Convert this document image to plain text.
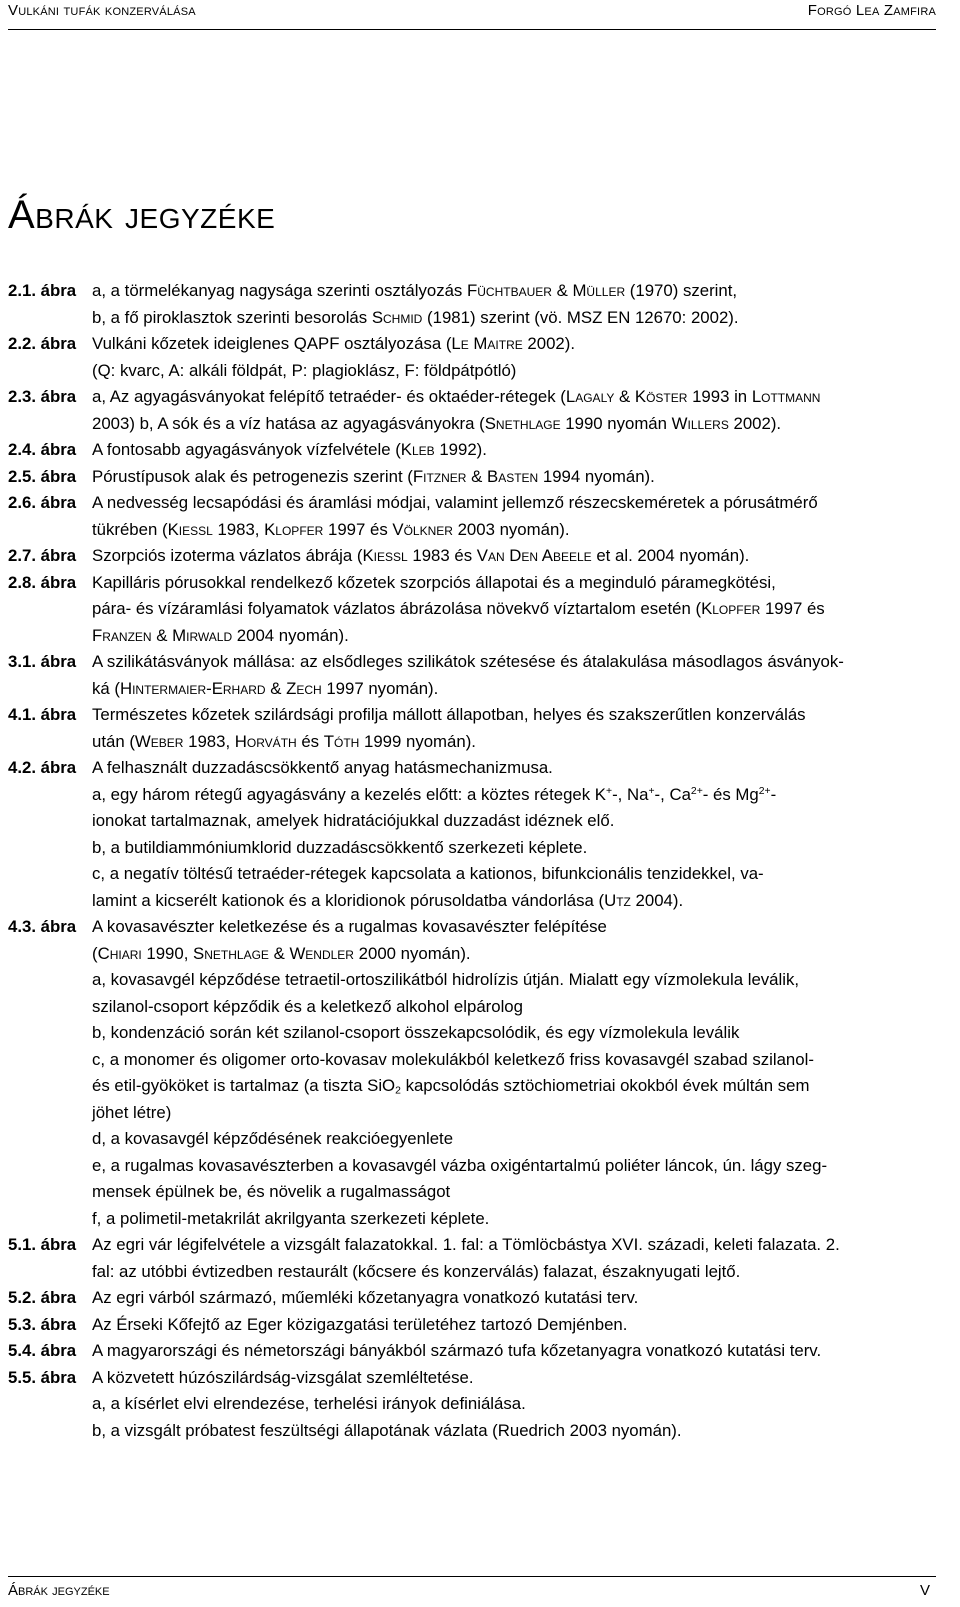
Vulkáni tufák konzerválása	Forgó Lea Zamfira
Ábrák jegyzéke
2.1. ábra a, a törmelékanyag nagysága szerinti osztályozás Füchtbauer & Müller (1970) szerint,
b, a fő piroklasztok szerinti besorolás Schmid (1981) szerint (vö. MSZ EN 12670: 2002).
2.2. ábra Vulkáni kőzetek ideiglenes QAPF osztályozása (Le Maitre 2002).
(Q: kvarc, A: alkáli földpát, P: plagioklász, F: földpátpótló)
2.3. ábra a, Az agyagásványokat felépítő tetraéder- és oktaéder-rétegek (Lagaly & Köster 1993 in Lottmann
2003) b, A sók és a víz hatása az agyagásványokra (Snethlage 1990 nyomán Willers 2002).
2.4. ábra A fontosabb agyagásványok vízfelvétele (Kleb 1992).
2.5. ábra Pórustípusok alak és petrogenezis szerint (Fitzner & Basten 1994 nyomán).
2.6. ábra A nedvesség lecsapódási és áramlási módjai, valamint jellemző részecskeméretek a pórusátmérő
tükrében (Kießl 1983, Klopfer 1997 és Völkner 2003 nyomán).
2.7. ábra Szorpciós izoterma vázlatos ábrája (Kießl 1983 és Van Den Abeele et al. 2004 nyomán).
2.8. ábra Kapilláris pórusokkal rendelkező kőzetek szorpciós állapotai és a meginduló páramegkötési,
pára- és vízáramlási folyamatok vázlatos ábrázolása növekvő víztartalom esetén (Klopfer 1997 és
Franzen & Mirwald 2004 nyomán).
3.1. ábra A szilikátásványok mállása: az elsődleges szilikátok szétesése és átalakulása másodlagos ásványok-
ká (Hintermaier-Erhard & Zech 1997 nyomán).
4.1. ábra Természetes kőzetek szilárdsági profilja mállott állapotban, helyes és szakszerűtlen konzerválás
után (Weber 1983, Horváth és Tóth 1999 nyomán).
4.2. ábra A felhasznált duzzadáscsökkentő anyag hatásmechanizmusa.
a, egy három rétegű agyagásvány a kezelés előtt: a köztes rétegek K+-, Na+-, $Ca^{2+}-$ és $Mg^{2+}-$
ionokat tartalmaznak, amelyek hidratációjukkal duzzadást idéznek elő.
b, a butildiammóniumklorid duzzadáscsökkentő szerkezeti képlete.
c, a negatív töltésű tetraéder-rétegek kapcsolata a kationos, bifunkcionális tenzidekkel, va-
lamint a kicserélt kationok és a kloridionok pórusoldatba vándorlása (Utz 2004).
4.3. ábra A kovasavészter keletkezése és a rugalmas kovasavészter felépítése
(Chiari 1990, Snethlage & Wendler 2000 nyomán).
a, kovasavgél képződése tetraetil-ortoszilikátból hidrolízis útján. Mialatt egy vízmolekula leválik,
szilanol-csoport képződik és a keletkező alkohol elpárolog
b, kondenzáció során két szilanol-csoport összekapcsolódik, és egy vízmolekula leválik
c, a monomer és oligomer orto-kovasav molekulákból keletkező friss kovasavgél szabad szilanol-
és etil-gyököket is tartalmaz (a tiszta SiO$_2$ kapcsolódás sztöchiometriai okokból évek múltán sem
jöhet létre)
d, a kovasavgél képződésének reakcióegyenlete
e, a rugalmas kovasavészterben a kovasavgél vázba oxigéntartalmú poliéter láncok, ún. lágy szeg-
mensek épülnek be, és növelik a rugalmasságot
f, a polimetil-metakrilát akrilgyanta szerkezeti képlete.
5.1. ábra Az egri vár légifelvétele a vizsgált falazatokkal. 1. fal: a Tömlöcbástya XVI. századi, keleti falazata. 2.
fal: az utóbbi évtizedben restaurált (kőcsere és konzerválás) falazat, északnyugati lejtő.
5.2. ábra Az egri várból származó, műemléki kőzetanyagra vonatkozó kutatási terv.
5.3. ábra Az Érseki Kőfejtő az Eger közigazgatási területéhez tartozó Demjénben.
5.4. ábra A magyarországi és németországi bányákból származó tufa kőzetanyagra vonatkozó kutatási terv.
5.5. ábra A közvetett húzószilárdság-vizsgálat szemléltetése.
a, a kísérlet elvi elrendezése, terhelési irányok definiálása.
b, a vizsgált próbatest feszültségi állapotának vázlata (Ruedrich 2003 nyomán).
Ábrák jegyzéke	V
